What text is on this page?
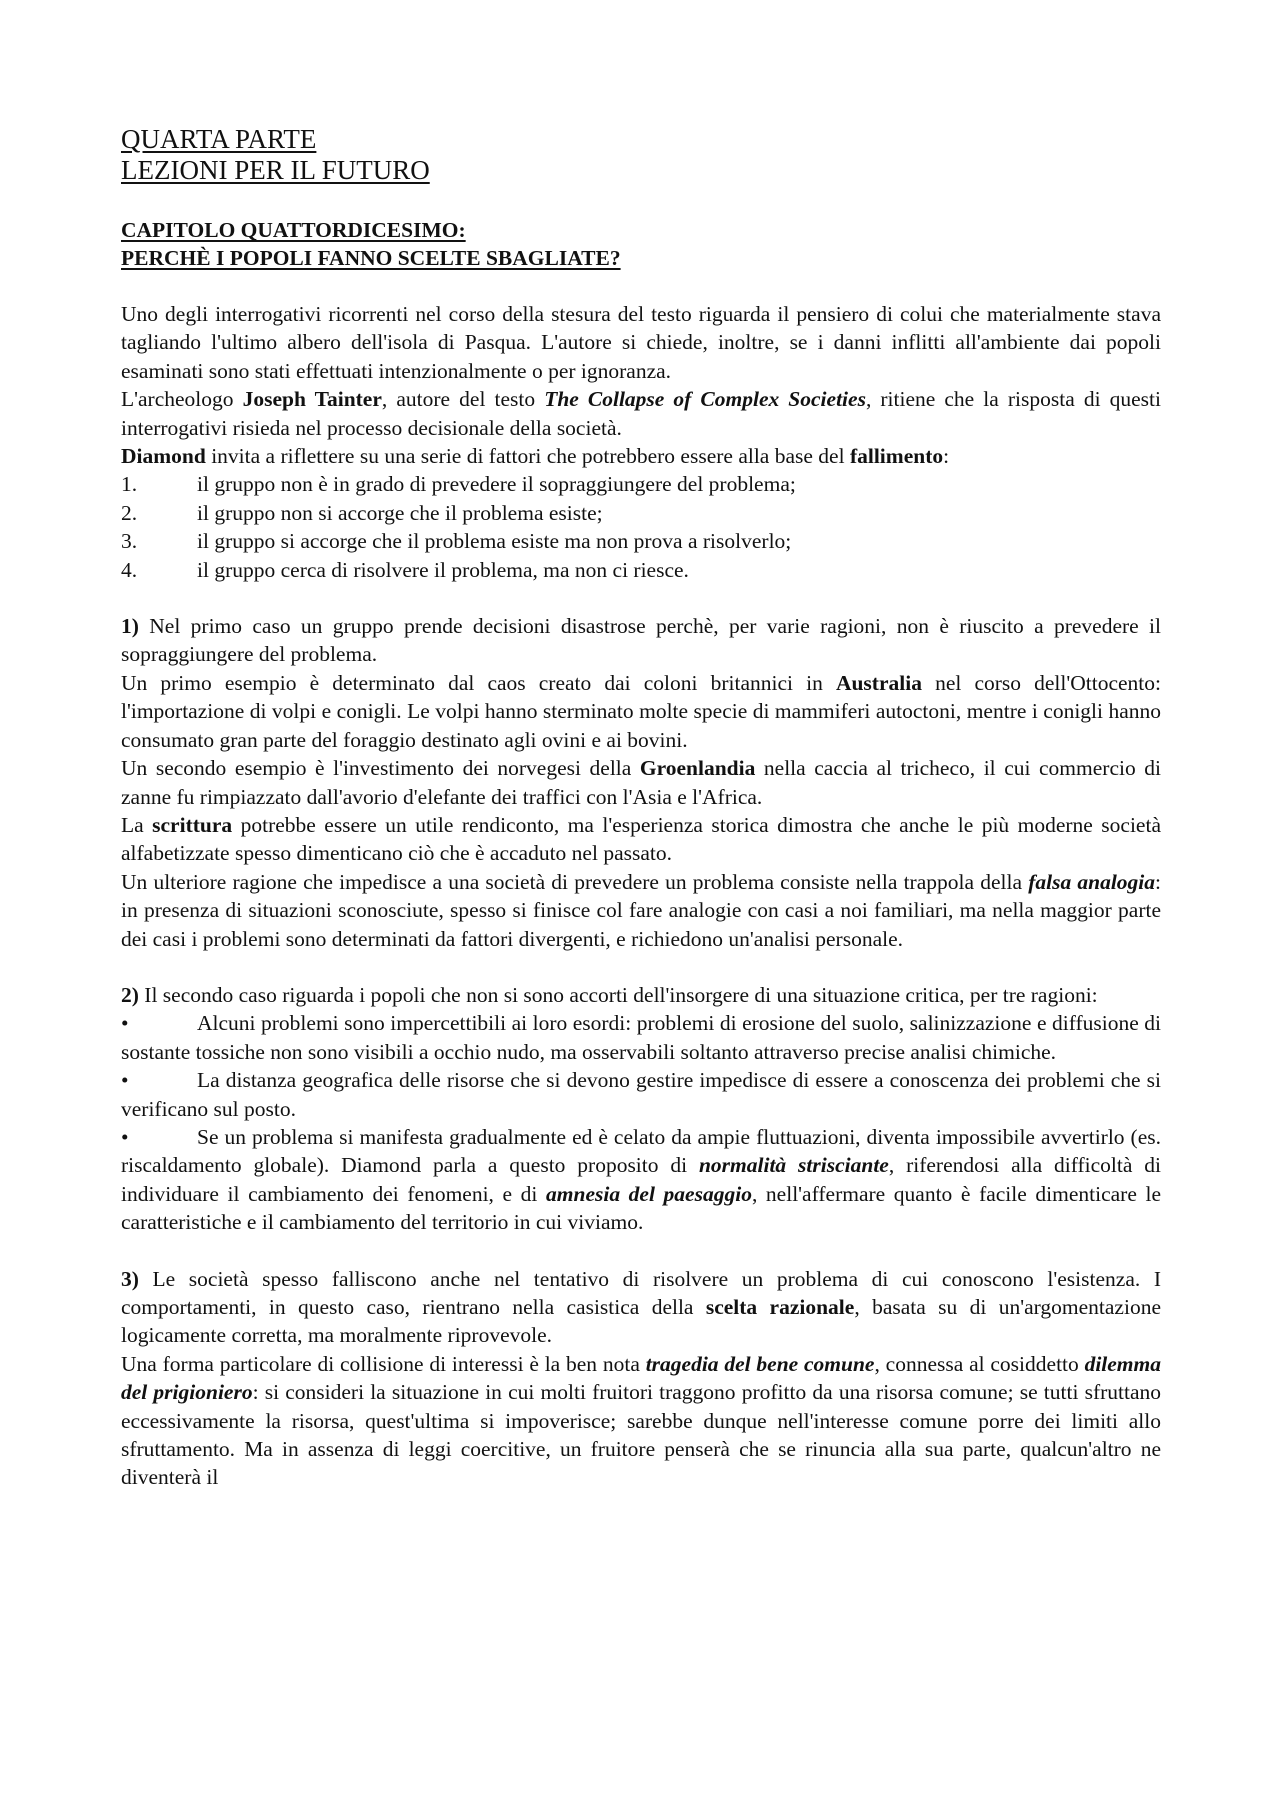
QUARTA PARTE
LEZIONI PER IL FUTURO
CAPITOLO QUATTORDICESIMO:
PERCHÈ I POPOLI FANNO SCELTE SBAGLIATE?

Uno degli interrogativi ricorrenti nel corso della stesura del testo riguarda il pensiero di colui che materialmente stava tagliando l'ultimo albero dell'isola di Pasqua. L'autore si chiede, inoltre, se i danni inflitti all'ambiente dai popoli esaminati sono stati effettuati intenzionalmente o per ignoranza.

L'archeologo Joseph Tainter, autore del testo The Collapse of Complex Societies, ritiene che la risposta di questi interrogativi risieda nel processo decisionale della società.

Diamond invita a riflettere su una serie di fattori che potrebbero essere alla base del fallimento:

1.	il gruppo non è in grado di prevedere il sopraggiungere del problema;
2.	il gruppo non si accorge che il problema esiste;
3.	il gruppo si accorge che il problema esiste ma non prova a risolverlo;
4.	il gruppo cerca di risolvere il problema, ma non ci riesce.

1) Nel primo caso un gruppo prende decisioni disastrose perchè, per varie ragioni, non è riuscito a prevedere il sopraggiungere del problema.

Un primo esempio è determinato dal caos creato dai coloni britannici in Australia nel corso dell'Ottocento: l'importazione di volpi e conigli. Le volpi hanno sterminato molte specie di mammiferi autoctoni, mentre i conigli hanno consumato gran parte del foraggio destinato agli ovini e ai bovini.

Un secondo esempio è l'investimento dei norvegesi della Groenlandia nella caccia al tricheco, il cui commercio di zanne fu rimpiazzato dall'avorio d'elefante dei traffici con l'Asia e l'Africa.

La scrittura potrebbe essere un utile rendiconto, ma l'esperienza storica dimostra che anche le più moderne società alfabetizzate spesso dimenticano ciò che è accaduto nel passato.

Un ulteriore ragione che impedisce a una società di prevedere un problema consiste nella trappola della falsa analogia: in presenza di situazioni sconosciute, spesso si finisce col fare analogie con casi a noi familiari, ma nella maggior parte dei casi i problemi sono determinati da fattori divergenti, e richiedono un'analisi personale.

2) Il secondo caso riguarda i popoli che non si sono accorti dell'insorgere di una situazione critica, per tre ragioni:

•	Alcuni problemi sono impercettibili ai loro esordi: problemi di erosione del suolo, salinizzazione e diffusione di sostante tossiche non sono visibili a occhio nudo, ma osservabili soltanto attraverso precise analisi chimiche.

•	La distanza geografica delle risorse che si devono gestire impedisce di essere a conoscenza dei problemi che si verificano sul posto.

•	Se un problema si manifesta gradualmente ed è celato da ampie fluttuazioni, diventa impossibile avvertirlo (es. riscaldamento globale). Diamond parla a questo proposito di normalità strisciante, riferendosi alla difficoltà di individuare il cambiamento dei fenomeni, e di amnesia del paesaggio, nell'affermare quanto è facile dimenticare le caratteristiche e il cambiamento del territorio in cui viviamo.

3) Le società spesso falliscono anche nel tentativo di risolvere un problema di cui conoscono l'esistenza. I comportamenti, in questo caso, rientrano nella casistica della scelta razionale, basata su di un'argomentazione logicamente corretta, ma moralmente riprovevole.

Una forma particolare di collisione di interessi è la ben nota tragedia del bene comune, connessa al cosiddetto dilemma del prigioniero: si consideri la situazione in cui molti fruitori traggono profitto da una risorsa comune; se tutti sfruttano eccessivamente la risorsa, quest'ultima si impoverisce; sarebbe dunque nell'interesse comune porre dei limiti allo sfruttamento. Ma in assenza di leggi coercitive, un fruitore penserà che se rinuncia alla sua parte, qualcun'altro ne diventerà il
